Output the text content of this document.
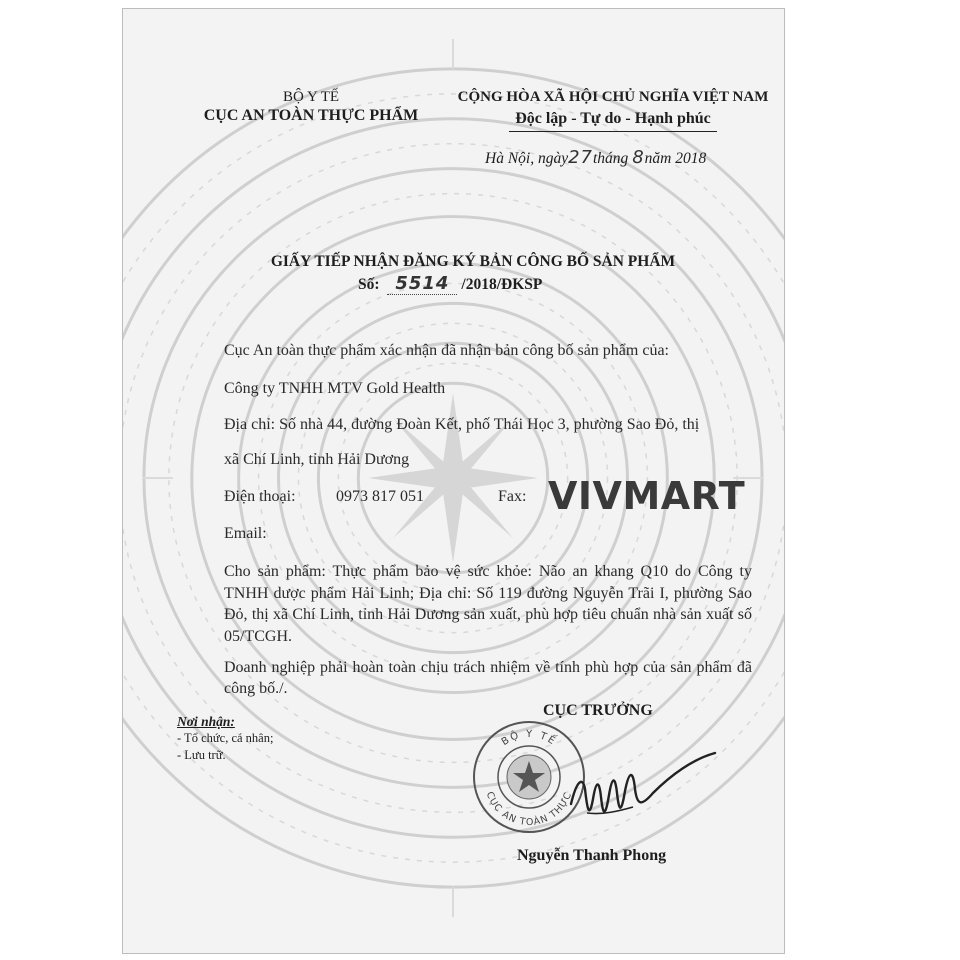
BỘ Y TẾ
CỤC AN TOÀN THỰC PHẨM
CỘNG HÒA XÃ HỘI CHỦ NGHĨA VIỆT NAM
Độc lập - Tự do - Hạnh phúc
Hà Nội, ngày27tháng 8năm 2018
GIẤY TIẾP NHẬN ĐĂNG KÝ BẢN CÔNG BỐ SẢN PHẨM
Số: 5514 /2018/ĐKSP
Cục An toàn thực phẩm xác nhận đã nhận bản công bố sản phẩm của:
Công ty TNHH MTV Gold Health
Địa chỉ: Số nhà 44, đường Đoàn Kết, phố Thái Học 3, phường Sao Đỏ, thị
xã Chí Linh, tỉnh Hải Dương
Điện thoại:	0973 817 051	Fax:
Email:
Cho sản phẩm: Thực phẩm bảo vệ sức khỏe: Não an khang Q10 do Công ty TNHH dược phẩm Hải Linh; Địa chỉ: Số 119 đường Nguyễn Trãi I, phường Sao Đỏ, thị xã Chí Linh, tỉnh Hải Dương sản xuất, phù hợp tiêu chuẩn nhà sản xuất số 05/TCGH.
Doanh nghiệp phải hoàn toàn chịu trách nhiệm về tính phù hợp của sản phẩm đã công bố./.
Nơi nhận:
- Tổ chức, cá nhân;
- Lưu trữ.
CỤC TRƯỞNG
BỘ Y TẾ
CỤC AN TOÀN THỰC
Nguyễn Thanh Phong
VIVMART
